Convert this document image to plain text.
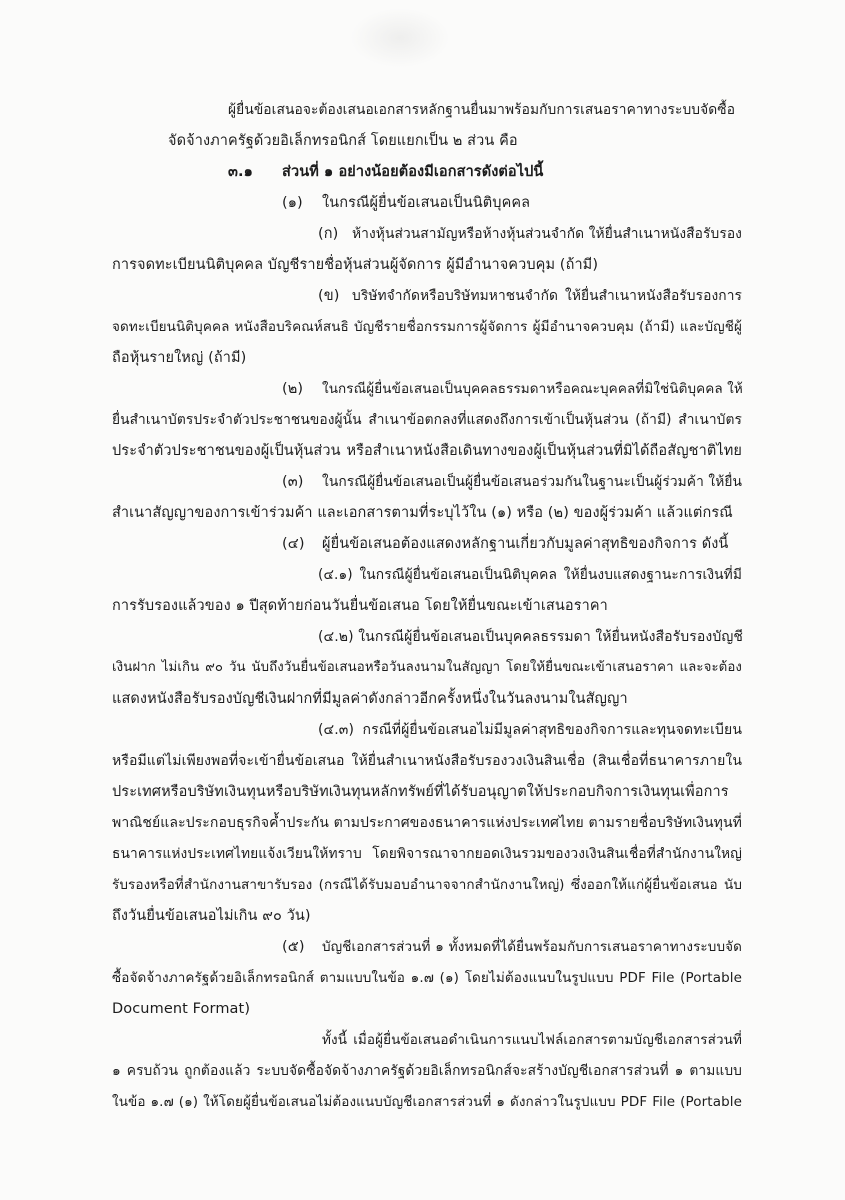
ผู้ยื่นข้อเสนอจะต้องเสนอเอกสารหลักฐานยื่นมาพร้อมกับการเสนอราคาทางระบบจัดซื้อ
จัดจ้างภาครัฐด้วยอิเล็กทรอนิกส์ โดยแยกเป็น ๒ ส่วน คือ
๓.๑ ส่วนที่ ๑ อย่างน้อยต้องมีเอกสารดังต่อไปนี้
(๑) ในกรณีผู้ยื่นข้อเสนอเป็นนิติบุคคล
(ก) ห้างหุ้นส่วนสามัญหรือห้างหุ้นส่วนจำกัด ให้ยื่นสำเนาหนังสือรับรอง
การจดทะเบียนนิติบุคคล บัญชีรายชื่อหุ้นส่วนผู้จัดการ ผู้มีอำนาจควบคุม (ถ้ามี)
(ข) บริษัทจำกัดหรือบริษัทมหาชนจำกัด ให้ยื่นสำเนาหนังสือรับรองการ
จดทะเบียนนิติบุคคล หนังสือบริคณห์สนธิ บัญชีรายชื่อกรรมการผู้จัดการ ผู้มีอำนาจควบคุม (ถ้ามี) และบัญชีผู้
ถือหุ้นรายใหญ่ (ถ้ามี)
(๒) ในกรณีผู้ยื่นข้อเสนอเป็นบุคคลธรรมดาหรือคณะบุคคลที่มิใช่นิติบุคคล ให้
ยื่นสำเนาบัตรประจำตัวประชาชนของผู้นั้น สำเนาข้อตกลงที่แสดงถึงการเข้าเป็นหุ้นส่วน (ถ้ามี) สำเนาบัตร
ประจำตัวประชาชนของผู้เป็นหุ้นส่วน หรือสำเนาหนังสือเดินทางของผู้เป็นหุ้นส่วนที่มิได้ถือสัญชาติไทย
(๓) ในกรณีผู้ยื่นข้อเสนอเป็นผู้ยื่นข้อเสนอร่วมกันในฐานะเป็นผู้ร่วมค้า ให้ยื่น
สำเนาสัญญาของการเข้าร่วมค้า และเอกสารตามที่ระบุไว้ใน (๑) หรือ (๒) ของผู้ร่วมค้า แล้วแต่กรณี
(๔) ผู้ยื่นข้อเสนอต้องแสดงหลักฐานเกี่ยวกับมูลค่าสุทธิของกิจการ ดังนี้
(๔.๑) ในกรณีผู้ยื่นข้อเสนอเป็นนิติบุคคล ให้ยื่นงบแสดงฐานะการเงินที่มี
การรับรองแล้วของ ๑ ปีสุดท้ายก่อนวันยื่นข้อเสนอ โดยให้ยื่นขณะเข้าเสนอราคา
(๔.๒) ในกรณีผู้ยื่นข้อเสนอเป็นบุคคลธรรมดา ให้ยื่นหนังสือรับรองบัญชี
เงินฝาก ไม่เกิน ๙๐ วัน นับถึงวันยื่นข้อเสนอหรือวันลงนามในสัญญา โดยให้ยื่นขณะเข้าเสนอราคา และจะต้อง
แสดงหนังสือรับรองบัญชีเงินฝากที่มีมูลค่าดังกล่าวอีกครั้งหนึ่งในวันลงนามในสัญญา
(๔.๓) กรณีที่ผู้ยื่นข้อเสนอไม่มีมูลค่าสุทธิของกิจการและทุนจดทะเบียน
หรือมีแต่ไม่เพียงพอที่จะเข้ายื่นข้อเสนอ ให้ยื่นสำเนาหนังสือรับรองวงเงินสินเชื่อ (สินเชื่อที่ธนาคารภายใน
ประเทศหรือบริษัทเงินทุนหรือบริษัทเงินทุนหลักทรัพย์ที่ได้รับอนุญาตให้ประกอบกิจการเงินทุนเพื่อการ
พาณิชย์และประกอบธุรกิจค้ำประกัน ตามประกาศของธนาคารแห่งประเทศไทย ตามรายชื่อบริษัทเงินทุนที่
ธนาคารแห่งประเทศไทยแจ้งเวียนให้ทราบ โดยพิจารณาจากยอดเงินรวมของวงเงินสินเชื่อที่สำนักงานใหญ่
รับรองหรือที่สำนักงานสาขารับรอง (กรณีได้รับมอบอำนาจจากสำนักงานใหญ่) ซึ่งออกให้แก่ผู้ยื่นข้อเสนอ นับ
ถึงวันยื่นข้อเสนอไม่เกิน ๙๐ วัน)
(๕) บัญชีเอกสารส่วนที่ ๑ ทั้งหมดที่ได้ยื่นพร้อมกับการเสนอราคาทางระบบจัด
ซื้อจัดจ้างภาครัฐด้วยอิเล็กทรอนิกส์ ตามแบบในข้อ ๑.๗ (๑) โดยไม่ต้องแนบในรูปแบบ PDF File (Portable
Document Format)
ทั้งนี้ เมื่อผู้ยื่นข้อเสนอดำเนินการแนบไฟล์เอกสารตามบัญชีเอกสารส่วนที่
๑ ครบถ้วน ถูกต้องแล้ว ระบบจัดซื้อจัดจ้างภาครัฐด้วยอิเล็กทรอนิกส์จะสร้างบัญชีเอกสารส่วนที่ ๑ ตามแบบ
ในข้อ ๑.๗ (๑) ให้โดยผู้ยื่นข้อเสนอไม่ต้องแนบบัญชีเอกสารส่วนที่ ๑ ดังกล่าวในรูปแบบ PDF File (Portable
